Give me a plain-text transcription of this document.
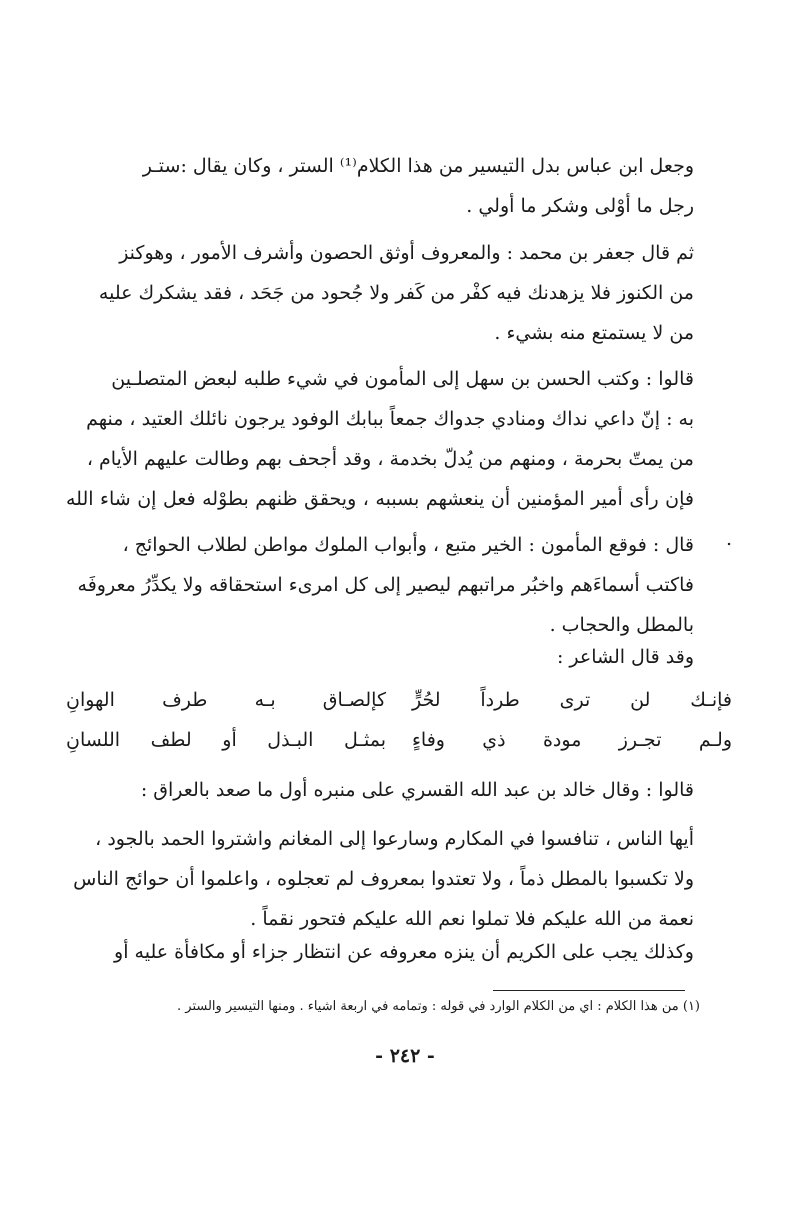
وجعل ابن عباس بدل التيسير من هذا الكلام⁽¹⁾ الستر ، وكان يقال :ستـر

رجل ما أوْلى وشكر ما أولي .

ثم قال جعفر بن محمد : والمعروف أوثق الحصون وأشرف الأمور ، وهوكنز

من الكنوز فلا يزهدنك فيه كفْر من كَفر ولا جُحود من جَحَد ، فقد يشكرك عليه

من لا يستمتع منه بشيء .

قالوا : وكتب الحسن بن سهل إلى المأمون في شيء طلبه لبعض المتصلـين

به : إنّ داعي نداك ومنادي جدواك جمعاً ببابك الوفود يرجون نائلك العتيد ، منهم

من يمتّ بحرمة ، ومنهم من يُدلّ بخدمة ، وقد أجحف بهم وطالت عليهم الأيام ،

فإن رأى أمير المؤمنين أن ينعشهم بسببه ، ويحقق ظنهم بطوْله فعل إن شاء الله .

قال : فوقع المأمون : الخير متبع ، وأبواب الملوك مواطن لطلاب الحوائج ،

فاكتب أسماءَهم واخبُر مراتبهم ليصير إلى كل امرىء استحقاقه ولا يكدِّرُ معروفَه

بالمطل والحجاب .

وقد قال الشاعر :

فإنـك لن ترى طرداً لحُرٍّ
كإلصـاق بـه طرف الهوانِ
ولـم تجـرز مودة ذي وفاءٍ
بمثـل البـذل أو لطف اللسانِ

قالوا : وقال خالد بن عبد الله القسري على منبره أول ما صعد بالعراق :

أيها الناس ، تنافسوا في المكارم وسارعوا إلى المغانم واشتروا الحمد بالجود ،

ولا تكسبوا بالمطل ذماً ، ولا تعتدوا بمعروف لم تعجلوه ، واعلموا أن حوائج الناس

نعمة من الله عليكم فلا تملوا نعم الله عليكم فتحور نقماً .

وكذلك يجب على الكريم أن ينزه معروفه عن انتظار جزاء أو مكافأة عليه أو

(١) من هذا الكلام : اي من الكلام الوارد في قوله : وتمامه في اربعة اشياء . ومنها التيسير والستر .
- ٢٤٢ -
